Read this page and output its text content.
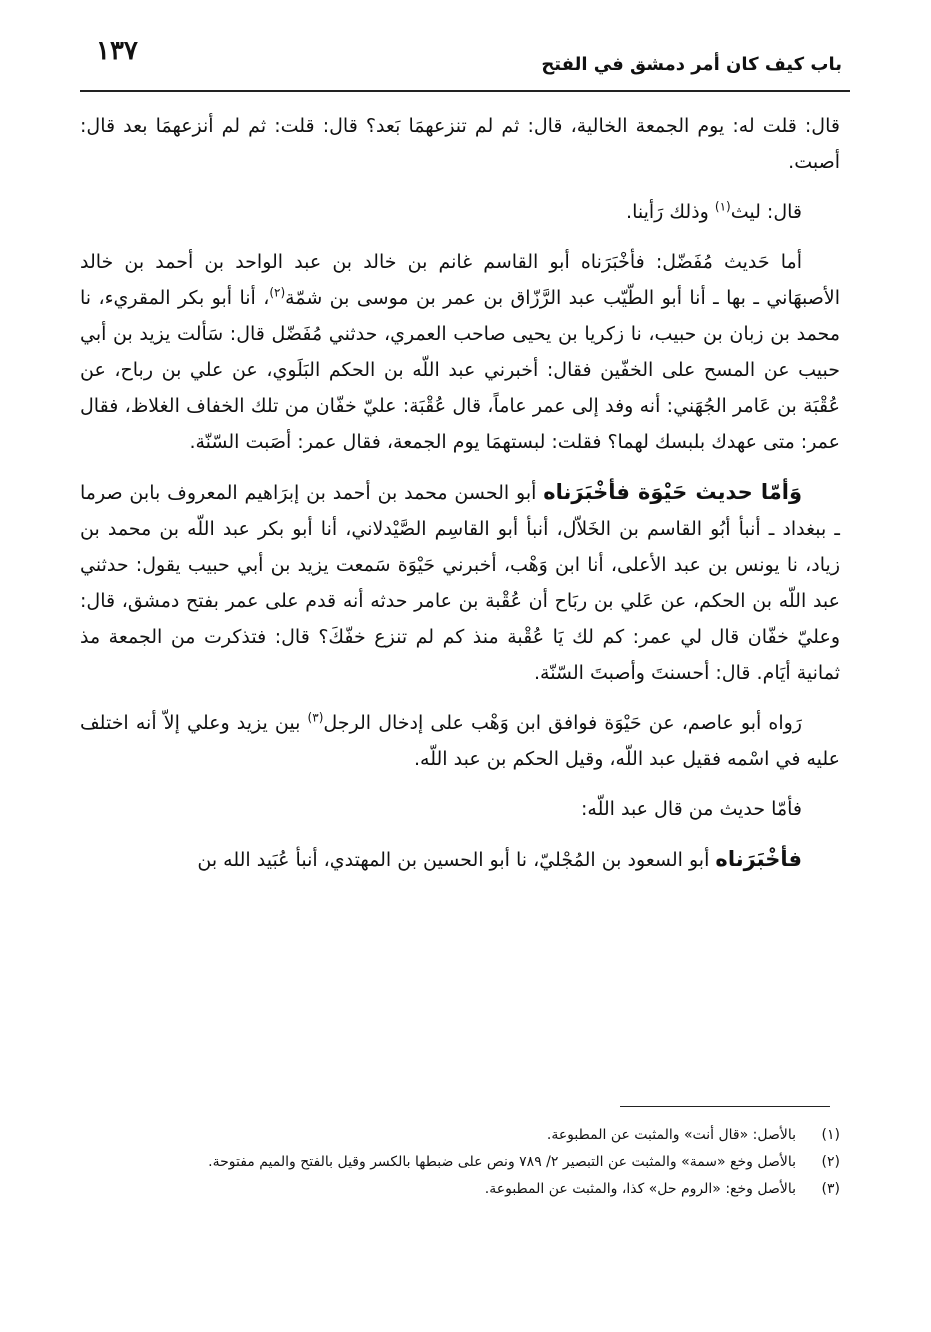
١٣٧	باب كيف كان أمر دمشق في الفتح

قال: قلت له: يوم الجمعة الخالية، قال: ثم لم تنزعهمَا بَعد؟ قال: قلت: ثم لم أنزعهمَا بعد قال: أصبت.

قال: ليث$^{(١)}$ وذلك رَأينا.

أما حَديث مُفَضّل: فأخْبَرَناه أبو القاسم غانم بن خالد بن عبد الواحد بن أحمد بن خالد الأصبهَاني ـ بها ـ أنا أبو الطّيّب عبد الرَّزّاق بن عمر بن موسى بن شمّة$^{(٢)}$، أنا أبو بكر المقريء، نا محمد بن زبان بن حبيب، نا زكريا بن يحيى صاحب العمري، حدثني مُفَضّل قال: سَألت يزيد بن أبي حبيب عن المسح على الخفّين فقال: أخبرني عبد اللّه بن الحكم البَلَوي، عن علي بن رباح، عن عُقْبَة بن عَامر الجُهَني: أنه وفد إلى عمر عاماً، قال عُقْبَة: عليّ خفّان من تلك الخفاف الغلاظ، فقال عمر: متى عهدك بلبسك لهما؟ فقلت: لبستهمَا يوم الجمعة، فقال عمر: أصَبت السّنّة.

وَأمّا حديث حَيْوَة فأخْبَرَناه أبو الحسن محمد بن أحمد بن إبرَاهيم المعروف بابن صرما ـ ببغداد ـ أنبأ أبُو القاسم بن الخَلاّل، أنبأ أبو القاسِم الصَّيْدلاني، أنا أبو بكر عبد اللّه بن محمد بن زياد، نا يونس بن عبد الأعلى، أنا ابن وَهْب، أخبرني حَيْوَة سَمعت يزيد بن أبي حبيب يقول: حدثني عبد اللّه بن الحكم، عن عَلي بن ربَاح أن عُقْبة بن عامر حدثه أنه قدم على عمر بفتح دمشق، قال: وعليّ خفّان قال لي عمر: كم لك يَا عُقْبة منذ كم لم تنزع خفّكَ؟ قال: فتذكرت من الجمعة مذ ثمانية أيَام. قال: أحسنتَ وأصبتَ السّنّة.

رَواه أبو عاصم، عن حَيْوَة فوافق ابن وَهْب على إدخال الرجل$^{(٣)}$ بين يزيد وعلي إلاّ أنه اختلف عليه في اسْمه فقيل عبد اللّه، وقيل الحكم بن عبد اللّه.

فأمّا حديث من قال عبد اللّه:

فأخْبَرَناه أبو السعود بن المُجْليّ، نا أبو الحسين بن المهتدي، أنبأ عُبَيد الله بن

(١)
بالأصل: «قال أنت» والمثبت عن المطبوعة.
(٢)
بالأصل وخع «سمة» والمثبت عن التبصير ٢/ ٧٨٩ ونص على ضبطها بالكسر وقيل بالفتح والميم مفتوحة.
(٣)
بالأصل وخع: «الروم حل» كذا، والمثبت عن المطبوعة.
